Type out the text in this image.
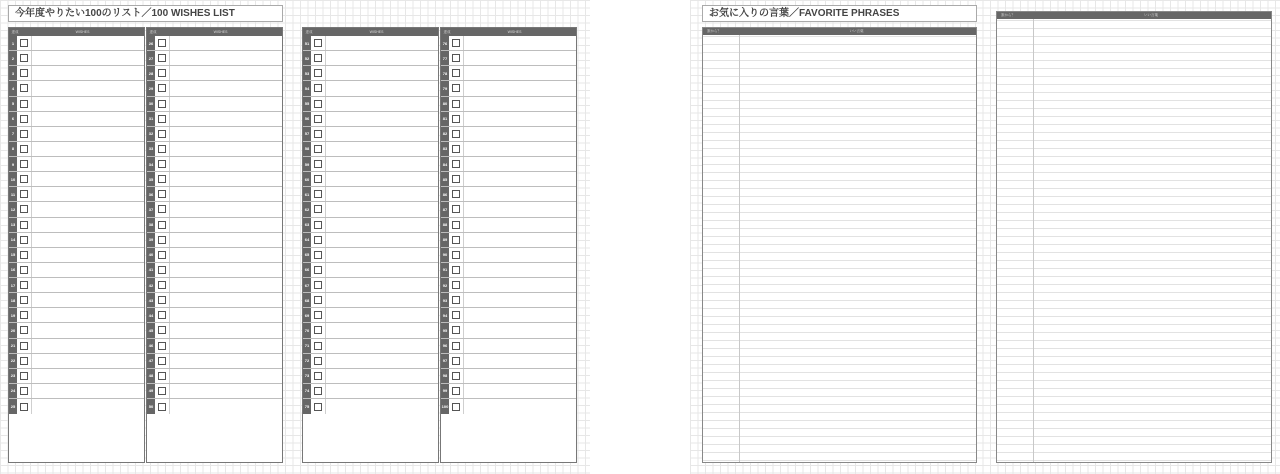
今年度やりたい100のリスト／100 WISHES LIST
達成	WISHES
1
2
3
4
5
6
7
8
9
10
11
12
13
14
15
16
17
18
19
20
21
22
23
24
25
達成	WISHES
26
27
28
29
30
31
32
33
34
35
36
37
38
39
40
41
42
43
44
45
46
47
48
49
50
達成	WISHES
51
52
53
54
55
56
57
58
59
60
61
62
63
64
65
66
67
68
69
70
71
72
73
74
75
達成	WISHES
76
77
78
79
80
81
82
83
84
85
86
87
88
89
90
91
92
93
94
95
96
97
98
99
100
お気に入りの言葉／FAVORITE PHRASES
誰から？	いい言葉
誰から？	いい言葉
